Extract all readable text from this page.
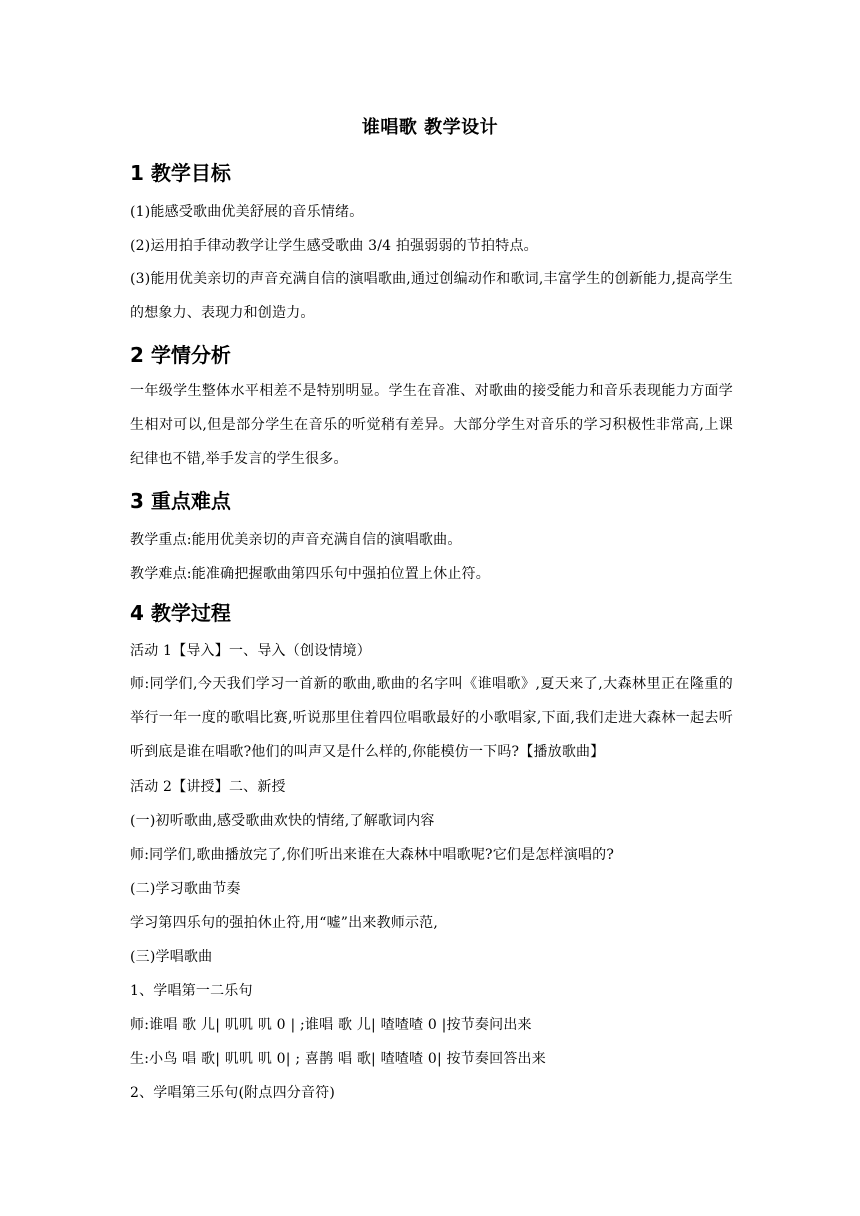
谁唱歌 教学设计
1 教学目标
(1)能感受歌曲优美舒展的音乐情绪。
(2)运用拍手律动教学让学生感受歌曲 3/4 拍强弱弱的节拍特点。
(3)能用优美亲切的声音充满自信的演唱歌曲,通过创编动作和歌词,丰富学生的创新能力,提高学生的想象力、表现力和创造力。
2 学情分析
一年级学生整体水平相差不是特别明显。学生在音准、对歌曲的接受能力和音乐表现能力方面学生相对可以,但是部分学生在音乐的听觉稍有差异。大部分学生对音乐的学习积极性非常高,上课纪律也不错,举手发言的学生很多。
3 重点难点
教学重点:能用优美亲切的声音充满自信的演唱歌曲。
教学难点:能准确把握歌曲第四乐句中强拍位置上休止符。
4 教学过程
活动 1【导入】一、导入（创设情境）
师:同学们,今天我们学习一首新的歌曲,歌曲的名字叫《谁唱歌》,夏天来了,大森林里正在隆重的举行一年一度的歌唱比赛,听说那里住着四位唱歌最好的小歌唱家,下面,我们走进大森林一起去听听到底是谁在唱歌?他们的叫声又是什么样的,你能模仿一下吗?【播放歌曲】
活动 2【讲授】二、新授
(一)初听歌曲,感受歌曲欢快的情绪,了解歌词内容
师:同学们,歌曲播放完了,你们听出来谁在大森林中唱歌呢?它们是怎样演唱的?
(二)学习歌曲节奏
学习第四乐句的强拍休止符,用“嘘”出来教师示范,
(三)学唱歌曲
1、学唱第一二乐句
师:谁唱 歌 儿| 叽叽 叽 0 | ;谁唱 歌 儿| 喳喳喳 0 |按节奏问出来
生:小鸟 唱 歌| 叽叽 叽 0| ; 喜鹊 唱 歌| 喳喳喳 0| 按节奏回答出来
2、学唱第三乐句(附点四分音符)
